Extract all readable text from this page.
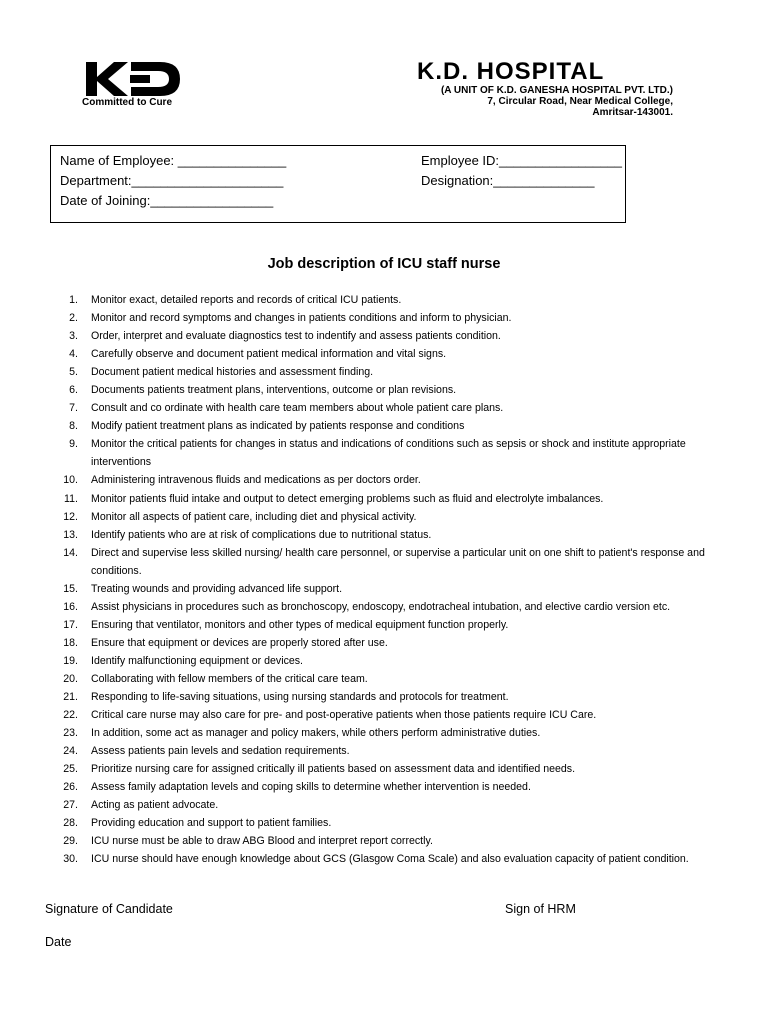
Committed to Cure
K.D. HOSPITAL
(A UNIT OF K.D. GANESHA HOSPITAL PVT. LTD.)
7, Circular Road, Near Medical College,
Amritsar-143001.
Name of Employee: _______________
Department:_____________________
Date of Joining:_________________
Employee ID:_________________
Designation:______________
Job description of ICU staff nurse
1. Monitor exact, detailed reports and records of critical ICU patients.
2. Monitor and record symptoms and changes in patients conditions and inform to physician.
3. Order, interpret and evaluate diagnostics test to indentify and assess patients condition.
4. Carefully observe and document patient medical information and vital signs.
5. Document patient medical histories and assessment finding.
6. Documents patients treatment plans, interventions, outcome or plan revisions.
7. Consult and co ordinate with health care team members about whole patient care plans.
8. Modify patient treatment plans as indicated by patients response and conditions
9. Monitor the critical patients for changes in status and indications of conditions such as sepsis or shock and institute appropriate interventions
10. Administering intravenous fluids and medications as per doctors order.
11. Monitor patients fluid intake and output to detect emerging problems such as fluid and electrolyte imbalances.
12. Monitor all aspects of patient care, including diet and physical activity.
13. Identify patients who are at risk of complications due to nutritional status.
14. Direct and supervise less skilled nursing/ health care personnel, or supervise a particular unit on one shift to patient's response and conditions.
15. Treating wounds and providing advanced life support.
16. Assist physicians in procedures such as bronchoscopy, endoscopy, endotracheal intubation, and elective cardio version etc.
17. Ensuring that ventilator, monitors and other types of medical equipment function properly.
18. Ensure that equipment or devices are properly stored after use.
19. Identify malfunctioning equipment or devices.
20. Collaborating with fellow members of the critical care team.
21. Responding to life-saving situations, using nursing standards and protocols for treatment.
22. Critical care nurse may also care for pre- and post-operative patients when those patients require ICU Care.
23. In addition, some act as manager and policy makers, while others perform administrative duties.
24. Assess patients pain levels and sedation requirements.
25. Prioritize nursing care for assigned critically ill patients based on assessment data and identified needs.
26. Assess family adaptation levels and coping skills to determine whether intervention is needed.
27. Acting as patient advocate.
28. Providing education and support to patient families.
29. ICU nurse must be able to draw ABG Blood and interpret report correctly.
30. ICU nurse should have enough knowledge about GCS (Glasgow Coma Scale) and also evaluation capacity of patient condition.
Signature of Candidate	Sign of HRM
Date
